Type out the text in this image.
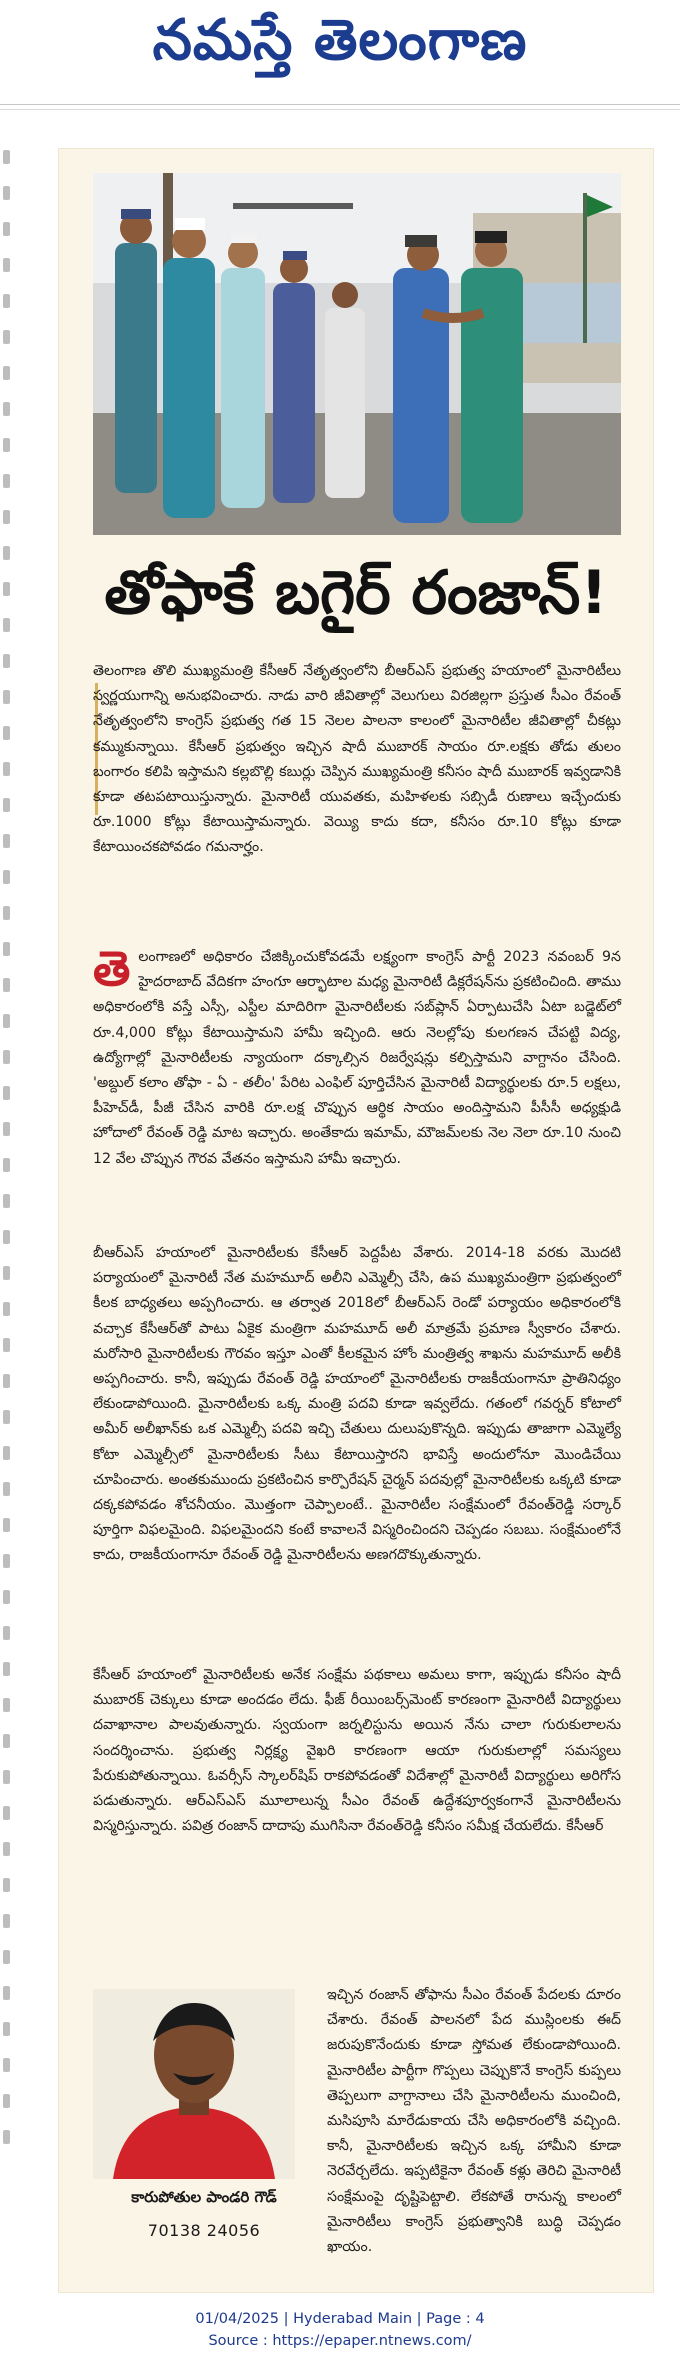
నమస్తే తెలంగాణ
తోఫాకే బగైర్ రంజాన్!
తెలంగాణ తొలి ముఖ్యమంత్రి కేసీఆర్ నేతృత్వంలోని బీఆర్ఎస్ ప్రభుత్వ హయాంలో మైనారిటీలు స్వర్ణయుగాన్ని అనుభవించారు. నాడు వారి జీవితాల్లో వెలుగులు విరజిల్లగా ప్రస్తుత సీఎం రేవంత్ నేతృత్వంలోని కాంగ్రెస్ ప్రభుత్వ గత 15 నెలల పాలనా కాలంలో మైనారిటీల జీవితాల్లో చీకట్లు కమ్ముకున్నాయి. కేసీఆర్ ప్రభుత్వం ఇచ్చిన షాదీ ముబారక్ సాయం రూ.లక్షకు తోడు తులం బంగారం కలిపి ఇస్తామని కల్లబొల్లి కబుర్లు చెప్పిన ముఖ్యమంత్రి కనీసం షాదీ ముబారక్ ఇవ్వడానికి కూడా తటపటాయిస్తున్నారు. మైనారిటీ యువతకు, మహిళలకు సబ్సిడీ రుణాలు ఇచ్చేందుకు రూ.1000 కోట్లు కేటాయిస్తామన్నారు. వెయ్యి కాదు కదా, కనీసం రూ.10 కోట్లు కూడా కేటాయించకపోవడం గమనార్హం.
తెలంగాణలో అధికారం చేజిక్కించుకోవడమే లక్ష్యంగా కాంగ్రెస్ పార్టీ 2023 నవంబర్ 9న హైదరాబాద్ వేదికగా హంగూ ఆర్భాటాల మధ్య మైనారిటీ డిక్లరేషన్‌ను ప్రకటించింది. తాము అధికారంలోకి వస్తే ఎస్సీ, ఎస్టీల మాదిరిగా మైనారిటీలకు సబ్‌ప్లాన్ ఏర్పాటుచేసి ఏటా బడ్జెట్‌లో రూ.4,000 కోట్లు కేటాయిస్తామని హామీ ఇచ్చింది. ఆరు నెలల్లోపు కులగణన చేపట్టి విద్య, ఉద్యోగాల్లో మైనారిటీలకు న్యాయంగా దక్కాల్సిన రిజర్వేషన్లు కల్పిస్తామని వాగ్దానం చేసింది. 'అబ్దుల్ కలాం తోఫా - ఏ - తలీం' పేరిట ఎంఫిల్ పూర్తిచేసిన మైనారిటీ విద్యార్థులకు రూ.5 లక్షలు, పీహెచ్‌డీ, పీజీ చేసిన వారికి రూ.లక్ష చొప్పున ఆర్థిక సాయం అందిస్తామని పీసీసీ అధ్యక్షుడి హోదాలో రేవంత్ రెడ్డి మాట ఇచ్చారు. అంతేకాదు ఇమామ్, మౌజమ్‌లకు నెల నెలా రూ.10 నుంచి 12 వేల చొప్పున గౌరవ వేతనం ఇస్తామని హామీ ఇచ్చారు.
బీఆర్ఎస్ హయాంలో మైనారిటీలకు కేసీఆర్ పెద్దపీట వేశారు. 2014-18 వరకు మొదటి పర్యాయంలో మైనారిటీ నేత మహమూద్ అలీని ఎమ్మెల్సీ చేసి, ఉప ముఖ్యమంత్రిగా ప్రభుత్వంలో కీలక బాధ్యతలు అప్పగించారు. ఆ తర్వాత 2018లో బీఆర్ఎస్ రెండో పర్యాయం అధికారంలోకి వచ్చాక కేసీఆర్‌తో పాటు ఏకైక మంత్రిగా మహమూద్ అలీ మాత్రమే ప్రమాణ స్వీకారం చేశారు. మరోసారి మైనారిటీలకు గౌరవం ఇస్తూ ఎంతో కీలకమైన హోం మంత్రిత్వ శాఖను మహమూద్ అలీకి అప్పగించారు. కానీ, ఇప్పుడు రేవంత్ రెడ్డి హయాంలో మైనారిటీలకు రాజకీయంగానూ ప్రాతినిధ్యం లేకుండాపోయింది. మైనారిటీలకు ఒక్క మంత్రి పదవి కూడా ఇవ్వలేదు. గతంలో గవర్నర్ కోటాలో అమీర్ అలీఖాన్‌కు ఒక ఎమ్మెల్సీ పదవి ఇచ్చి చేతులు దులుపుకొన్నది. ఇప్పుడు తాజాగా ఎమ్మెల్యే కోటా ఎమ్మెల్సీలో మైనారిటీలకు సీటు కేటాయిస్తారని భావిస్తే అందులోనూ మొండిచేయి చూపించారు. అంతకుముందు ప్రకటించిన కార్పొరేషన్ చైర్మన్ పదవుల్లో మైనారిటీలకు ఒక్కటి కూడా దక్కకపోవడం శోచనీయం. మొత్తంగా చెప్పాలంటే.. మైనారిటీల సంక్షేమంలో రేవంత్‌రెడ్డి సర్కార్ పూర్తిగా విఫలమైంది. విఫలమైందని కంటే కావాలనే విస్మరించిందని చెప్పడం సబబు. సంక్షేమంలోనే కాదు, రాజకీయంగానూ రేవంత్ రెడ్డి మైనారిటీలను అణగదొక్కుతున్నారు.
కేసీఆర్ హయాంలో మైనారిటీలకు అనేక సంక్షేమ పథకాలు అమలు కాగా, ఇప్పుడు కనీసం షాదీ ముబారక్ చెక్కులు కూడా అందడం లేదు. ఫీజ్ రీయింబర్స్‌మెంట్ కారణంగా మైనారిటీ విద్యార్థులు దవాఖానాల పాలవుతున్నారు. స్వయంగా జర్నలిస్టును అయిన నేను చాలా గురుకులాలను సందర్శించాను. ప్రభుత్వ నిర్లక్ష్య వైఖరి కారణంగా ఆయా గురుకులాల్లో సమస్యలు పేరుకుపోతున్నాయి. ఓవర్సీస్ స్కాలర్‌షిప్ రాకపోవడంతో విదేశాల్లో మైనారిటీ విద్యార్థులు అరిగోస పడుతున్నారు. ఆర్ఎస్ఎస్ మూలాలున్న సీఎం రేవంత్ ఉద్దేశపూర్వకంగానే మైనారిటీలను విస్మరిస్తున్నారు. పవిత్ర రంజాన్ దాదాపు ముగిసినా రేవంత్‌రెడ్డి కనీసం సమీక్ష చేయలేదు. కేసీఆర్
కారుపోతుల పాండరి గౌడ్
70138 24056
ఇచ్చిన రంజాన్ తోఫాను సీఎం రేవంత్ పేదలకు దూరం చేశారు. రేవంత్ పాలనలో పేద ముస్లింలకు ఈద్ జరుపుకొనేందుకు కూడా స్తోమత లేకుండాపోయింది. మైనారిటీల పార్టీగా గొప్పలు చెప్పుకొనే కాంగ్రెస్ కుప్పలు తెప్పలుగా వాగ్దానాలు చేసి మైనారిటీలను ముంచింది, మసిపూసి మారేడుకాయ చేసి అధికారంలోకి వచ్చింది. కానీ, మైనారిటీలకు ఇచ్చిన ఒక్క హామీని కూడా నెరవేర్చలేదు. ఇప్పటికైనా రేవంత్ కళ్లు తెరిచి మైనారిటీ సంక్షేమంపై దృష్టిపెట్టాలి. లేకపోతే రానున్న కాలంలో మైనారిటీలు కాంగ్రెస్ ప్రభుత్వానికి బుద్ధి చెప్పడం ఖాయం.
01/04/2025 | Hyderabad Main | Page : 4
Source : https://epaper.ntnews.com/
